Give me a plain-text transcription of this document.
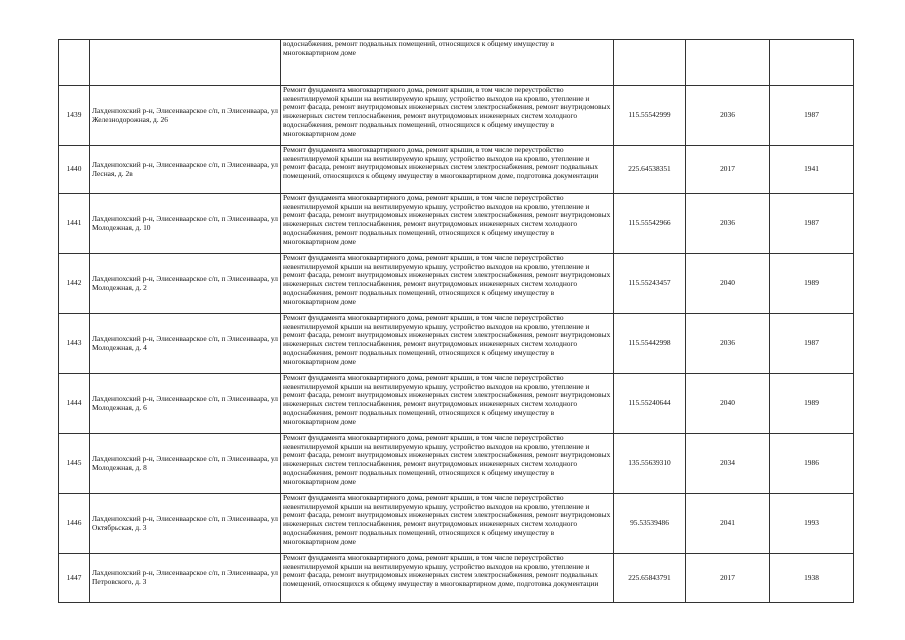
		водоснабжения, ремонт подвальных помещений, относящихся к общему имуществу в многоквартирном доме			
1439	Лахденпохский р-н, Элисенваарское с/п, п Элисенваара, ул Железнодорожная, д. 26	Ремонт фундамента многоквартирного дома, ремонт крыши, в том числе переустройство невентилируемой крыши на вентилируемую крышу, устройство выходов на кровлю, утепление и ремонт фасада, ремонт внутридомовых инженерных систем электроснабжения, ремонт внутридомовых инженерных систем теплоснабжения, ремонт внутридомовых инженерных систем холодного водоснабжения, ремонт подвальных помещений, относящихся к общему имуществу в многоквартирном доме	115.55542999	2036	1987
1440	Лахденпохский р-н, Элисенваарское с/п, п Элисенваара, ул Лесная, д. 2в	Ремонт фундамента многоквартирного дома, ремонт крыши, в том числе переустройство невентилируемой крыши на вентилируемую крышу, устройство выходов на кровлю, утепление и ремонт фасада, ремонт внутридомовых инженерных систем электроснабжения, ремонт подвальных помещений, относящихся к общему имуществу в многоквартирном доме, подготовка документации	225.64538351	2017	1941
1441	Лахденпохский р-н, Элисенваарское с/п, п Элисенваара, ул Молодежная, д. 10	Ремонт фундамента многоквартирного дома, ремонт крыши, в том числе переустройство невентилируемой крыши на вентилируемую крышу, устройство выходов на кровлю, утепление и ремонт фасада, ремонт внутридомовых инженерных систем электроснабжения, ремонт внутридомовых инженерных систем теплоснабжения, ремонт внутридомовых инженерных систем холодного водоснабжения, ремонт подвальных помещений, относящихся к общему имуществу в многоквартирном доме	115.55542966	2036	1987
1442	Лахденпохский р-н, Элисенваарское с/п, п Элисенваара, ул Молодежная, д. 2	Ремонт фундамента многоквартирного дома, ремонт крыши, в том числе переустройство невентилируемой крыши на вентилируемую крышу, устройство выходов на кровлю, утепление и ремонт фасада, ремонт внутридомовых инженерных систем электроснабжения, ремонт внутридомовых инженерных систем теплоснабжения, ремонт внутридомовых инженерных систем холодного водоснабжения, ремонт подвальных помещений, относящихся к общему имуществу в многоквартирном доме	115.55243457	2040	1989
1443	Лахденпохский р-н, Элисенваарское с/п, п Элисенваара, ул Молодежная, д. 4	Ремонт фундамента многоквартирного дома, ремонт крыши, в том числе переустройство невентилируемой крыши на вентилируемую крышу, устройство выходов на кровлю, утепление и ремонт фасада, ремонт внутридомовых инженерных систем электроснабжения, ремонт внутридомовых инженерных систем теплоснабжения, ремонт внутридомовых инженерных систем холодного водоснабжения, ремонт подвальных помещений, относящихся к общему имуществу в многоквартирном доме	115.55442998	2036	1987
1444	Лахденпохский р-н, Элисенваарское с/п, п Элисенваара, ул Молодежная, д. 6	Ремонт фундамента многоквартирного дома, ремонт крыши, в том числе переустройство невентилируемой крыши на вентилируемую крышу, устройство выходов на кровлю, утепление и ремонт фасада, ремонт внутридомовых инженерных систем электроснабжения, ремонт внутридомовых инженерных систем теплоснабжения, ремонт внутридомовых инженерных систем холодного водоснабжения, ремонт подвальных помещений, относящихся к общему имуществу в многоквартирном доме	115.55240644	2040	1989
1445	Лахденпохский р-н, Элисенваарское с/п, п Элисенваара, ул Молодежная, д. 8	Ремонт фундамента многоквартирного дома, ремонт крыши, в том числе переустройство невентилируемой крыши на вентилируемую крышу, устройство выходов на кровлю, утепление и ремонт фасада, ремонт внутридомовых инженерных систем электроснабжения, ремонт внутридомовых инженерных систем теплоснабжения, ремонт внутридомовых инженерных систем холодного водоснабжения, ремонт подвальных помещений, относящихся к общему имуществу в многоквартирном доме	135.55639310	2034	1986
1446	Лахденпохский р-н, Элисенваарское с/п, п Элисенваара, ул Октябрьская, д. 3	Ремонт фундамента многоквартирного дома, ремонт крыши, в том числе переустройство невентилируемой крыши на вентилируемую крышу, устройство выходов на кровлю, утепление и ремонт фасада, ремонт внутридомовых инженерных систем электроснабжения, ремонт внутридомовых инженерных систем теплоснабжения, ремонт внутридомовых инженерных систем холодного водоснабжения, ремонт подвальных помещений, относящихся к общему имуществу в многоквартирном доме	95.53539486	2041	1993
1447	Лахденпохский р-н, Элисенваарское с/п, п Элисенваара, ул Петровского, д. 3	Ремонт фундамента многоквартирного дома, ремонт крыши, в том числе переустройство невентилируемой крыши на вентилируемую крышу, устройство выходов на кровлю, утепление и ремонт фасада, ремонт внутридомовых инженерных систем электроснабжения, ремонт подвальных помещений, относящихся к общему имуществу в многоквартирном доме, подготовка документации	225.65843791	2017	1938
